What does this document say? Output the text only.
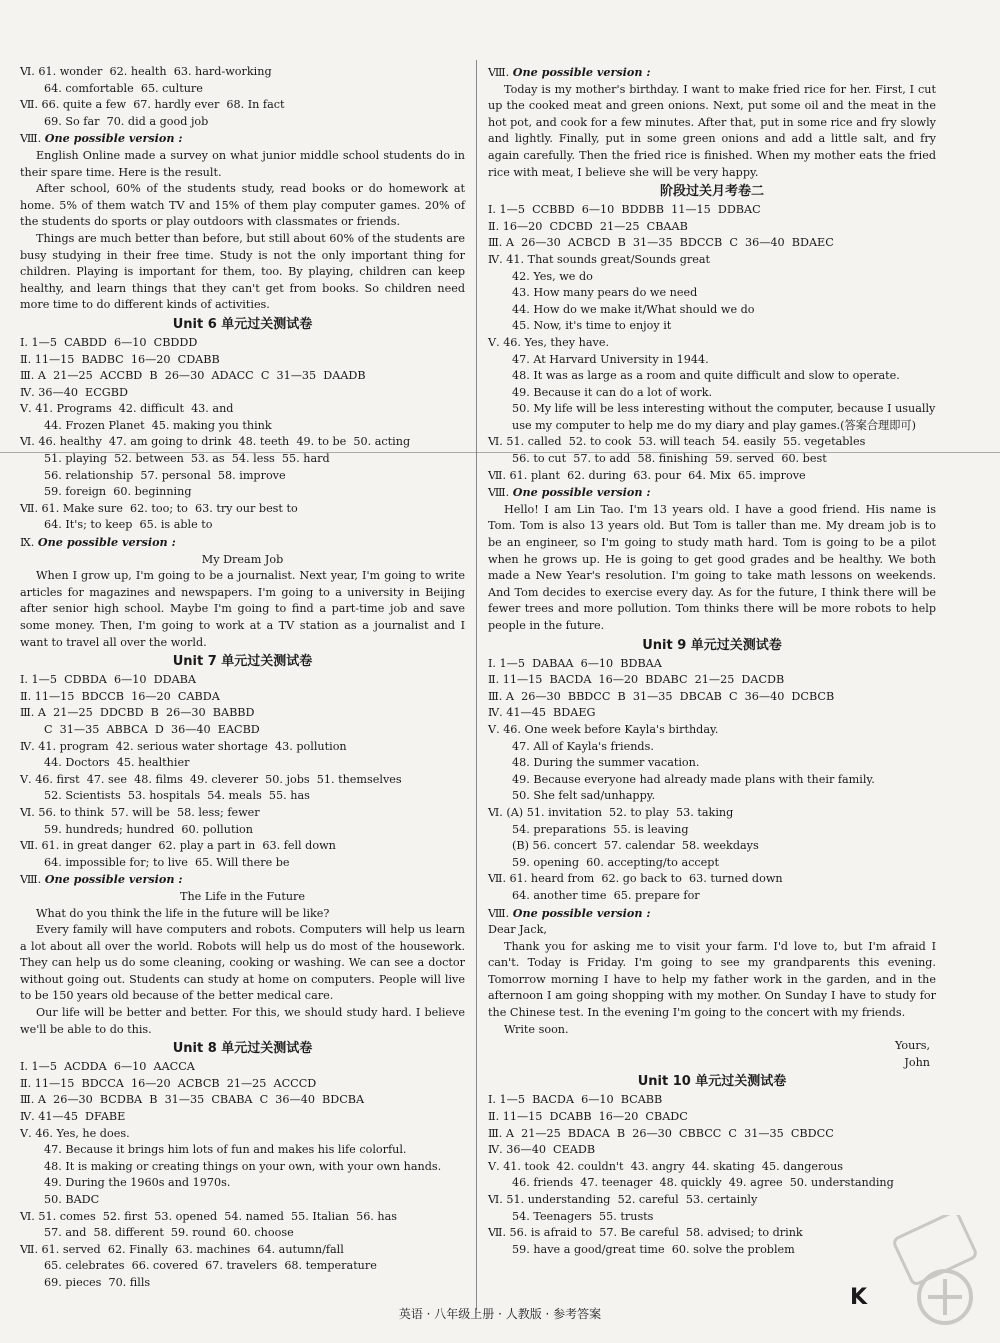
Ⅵ. 61. wonder  62. health  63. hard-working
64. comfortable  65. culture
Ⅶ. 66. quite a few  67. hardly ever  68. In fact
69. So far  70. did a good job
Ⅷ. One possible version :
English Online made a survey on what junior middle school students do in their spare time. Here is the result.
After school, 60% of the students study, read books or do homework at home. 5% of them watch TV and 15% of them play computer games. 20% of the students do sports or play outdoors with classmates or friends.
Things are much better than before, but still about 60% of the students are busy studying in their free time. Study is not the only important thing for children. Playing is important for them, too. By playing, children can keep healthy, and learn things that they can't get from books. So children need more time to do different kinds of activities.
Unit 6 单元过关测试卷
Ⅰ. 1—5  CABDD  6—10  CBDDD
Ⅱ. 11—15  BADBC  16—20  CDABB
Ⅲ. A  21—25  ACCBD  B  26—30  ADACC  C  31—35  DAADB
Ⅳ. 36—40  ECGBD
Ⅴ. 41. Programs  42. difficult  43. and
44. Frozen Planet  45. making you think
Ⅵ. 46. healthy  47. am going to drink  48. teeth  49. to be  50. acting
51. playing  52. between  53. as  54. less  55. hard
56. relationship  57. personal  58. improve
59. foreign  60. beginning
Ⅶ. 61. Make sure  62. too; to  63. try our best to
64. It's; to keep  65. is able to
Ⅸ. One possible version :
My Dream Job
When I grow up, I'm going to be a journalist. Next year, I'm going to write articles for magazines and newspapers. I'm going to a university in Beijing after senior high school. Maybe I'm going to find a part-time job and save some money. Then, I'm going to work at a TV station as a journalist and I want to travel all over the world.
Unit 7 单元过关测试卷
Ⅰ. 1—5  CDBDA  6—10  DDABA
Ⅱ. 11—15  BDCCB  16—20  CABDA
Ⅲ. A  21—25  DDCBD  B  26—30  BABBD
C  31—35  ABBCA  D  36—40  EACBD
Ⅳ. 41. program  42. serious water shortage  43. pollution
44. Doctors  45. healthier
Ⅴ. 46. first  47. see  48. films  49. cleverer  50. jobs  51. themselves
52. Scientists  53. hospitals  54. meals  55. has
Ⅵ. 56. to think  57. will be  58. less; fewer
59. hundreds; hundred  60. pollution
Ⅶ. 61. in great danger  62. play a part in  63. fell down
64. impossible for; to live  65. Will there be
Ⅷ. One possible version :
The Life in the Future
What do you think the life in the future will be like?
Every family will have computers and robots. Computers will help us learn a lot about all over the world. Robots will help us do most of the housework. They can help us do some cleaning, cooking or washing. We can see a doctor without going out. Students can study at home on computers. People will live to be 150 years old because of the better medical care.
Our life will be better and better. For this, we should study hard. I believe we'll be able to do this.
Unit 8 单元过关测试卷
Ⅰ. 1—5  ACDDA  6—10  AACCA
Ⅱ. 11—15  BDCCA  16—20  ACBCB  21—25  ACCCD
Ⅲ. A  26—30  BCDBA  B  31—35  CBABA  C  36—40  BDCBA
Ⅳ. 41—45  DFABE
Ⅴ. 46. Yes, he does.
47. Because it brings him lots of fun and makes his life colorful.
48. It is making or creating things on your own, with your own hands.
49. During the 1960s and 1970s.
50. BADC
Ⅵ. 51. comes  52. first  53. opened  54. named  55. Italian  56. has
57. and  58. different  59. round  60. choose
Ⅶ. 61. served  62. Finally  63. machines  64. autumn/fall
65. celebrates  66. covered  67. travelers  68. temperature
69. pieces  70. fills
Ⅷ. One possible version :
Today is my mother's birthday. I want to make fried rice for her. First, I cut up the cooked meat and green onions. Next, put some oil and the meat in the hot pot, and cook for a few minutes. After that, put in some rice and fry slowly and lightly. Finally, put in some green onions and add a little salt, and fry again carefully. Then the fried rice is finished. When my mother eats the fried rice with meat, I believe she will be very happy.
阶段过关月考卷二
Ⅰ. 1—5  CCBBD  6—10  BDDBB  11—15  DDBAC
Ⅱ. 16—20  CDCBD  21—25  CBAAB
Ⅲ. A  26—30  ACBCD  B  31—35  BDCCB  C  36—40  BDAEC
Ⅳ. 41. That sounds great/Sounds great
42. Yes, we do
43. How many pears do we need
44. How do we make it/What should we do
45. Now, it's time to enjoy it
Ⅴ. 46. Yes, they have.
47. At Harvard University in 1944.
48. It was as large as a room and quite difficult and slow to operate.
49. Because it can do a lot of work.
50. My life will be less interesting without the computer, because I usually
use my computer to help me do my diary and play games.(答案合理即可)
Ⅵ. 51. called  52. to cook  53. will teach  54. easily  55. vegetables
56. to cut  57. to add  58. finishing  59. served  60. best
Ⅶ. 61. plant  62. during  63. pour  64. Mix  65. improve
Ⅷ. One possible version :
Hello! I am Lin Tao. I'm 13 years old. I have a good friend. His name is Tom. Tom is also 13 years old. But Tom is taller than me. My dream job is to be an engineer, so I'm going to study math hard. Tom is going to be a pilot when he grows up. He is going to get good grades and be healthy. We both made a New Year's resolution. I'm going to take math lessons on weekends. And Tom decides to exercise every day. As for the future, I think there will be fewer trees and more pollution. Tom thinks there will be more robots to help people in the future.
Unit 9 单元过关测试卷
Ⅰ. 1—5  DABAA  6—10  BDBAA
Ⅱ. 11—15  BACDA  16—20  BDABC  21—25  DACDB
Ⅲ. A  26—30  BBDCC  B  31—35  DBCAB  C  36—40  DCBCB
Ⅳ. 41—45  BDAEG
Ⅴ. 46. One week before Kayla's birthday.
47. All of Kayla's friends.
48. During the summer vacation.
49. Because everyone had already made plans with their family.
50. She felt sad/unhappy.
Ⅵ. (A) 51. invitation  52. to play  53. taking
54. preparations  55. is leaving
(B) 56. concert  57. calendar  58. weekdays
59. opening  60. accepting/to accept
Ⅶ. 61. heard from  62. go back to  63. turned down
64. another time  65. prepare for
Ⅷ. One possible version :
Dear Jack,
Thank you for asking me to visit your farm. I'd love to, but I'm afraid I can't. Today is Friday. I'm going to see my grandparents this evening. Tomorrow morning I have to help my father work in the garden, and in the afternoon I am going shopping with my mother. On Sunday I have to study for the Chinese test. In the evening I'm going to the concert with my friends.
Write soon.
Yours,
John
Unit 10 单元过关测试卷
Ⅰ. 1—5  BACDA  6—10  BCABB
Ⅱ. 11—15  DCABB  16—20  CBADC
Ⅲ. A  21—25  BDACA  B  26—30  CBBCC  C  31—35  CBDCC
Ⅳ. 36—40  CEADB
Ⅴ. 41. took  42. couldn't  43. angry  44. skating  45. dangerous
46. friends  47. teenager  48. quickly  49. agree  50. understanding
Ⅵ. 51. understanding  52. careful  53. certainly
54. Teenagers  55. trusts
Ⅶ. 56. is afraid to  57. Be careful  58. advised; to drink
59. have a good/great time  60. solve the problem
K
英语 · 八年级上册 · 人教版 · 参考答案
